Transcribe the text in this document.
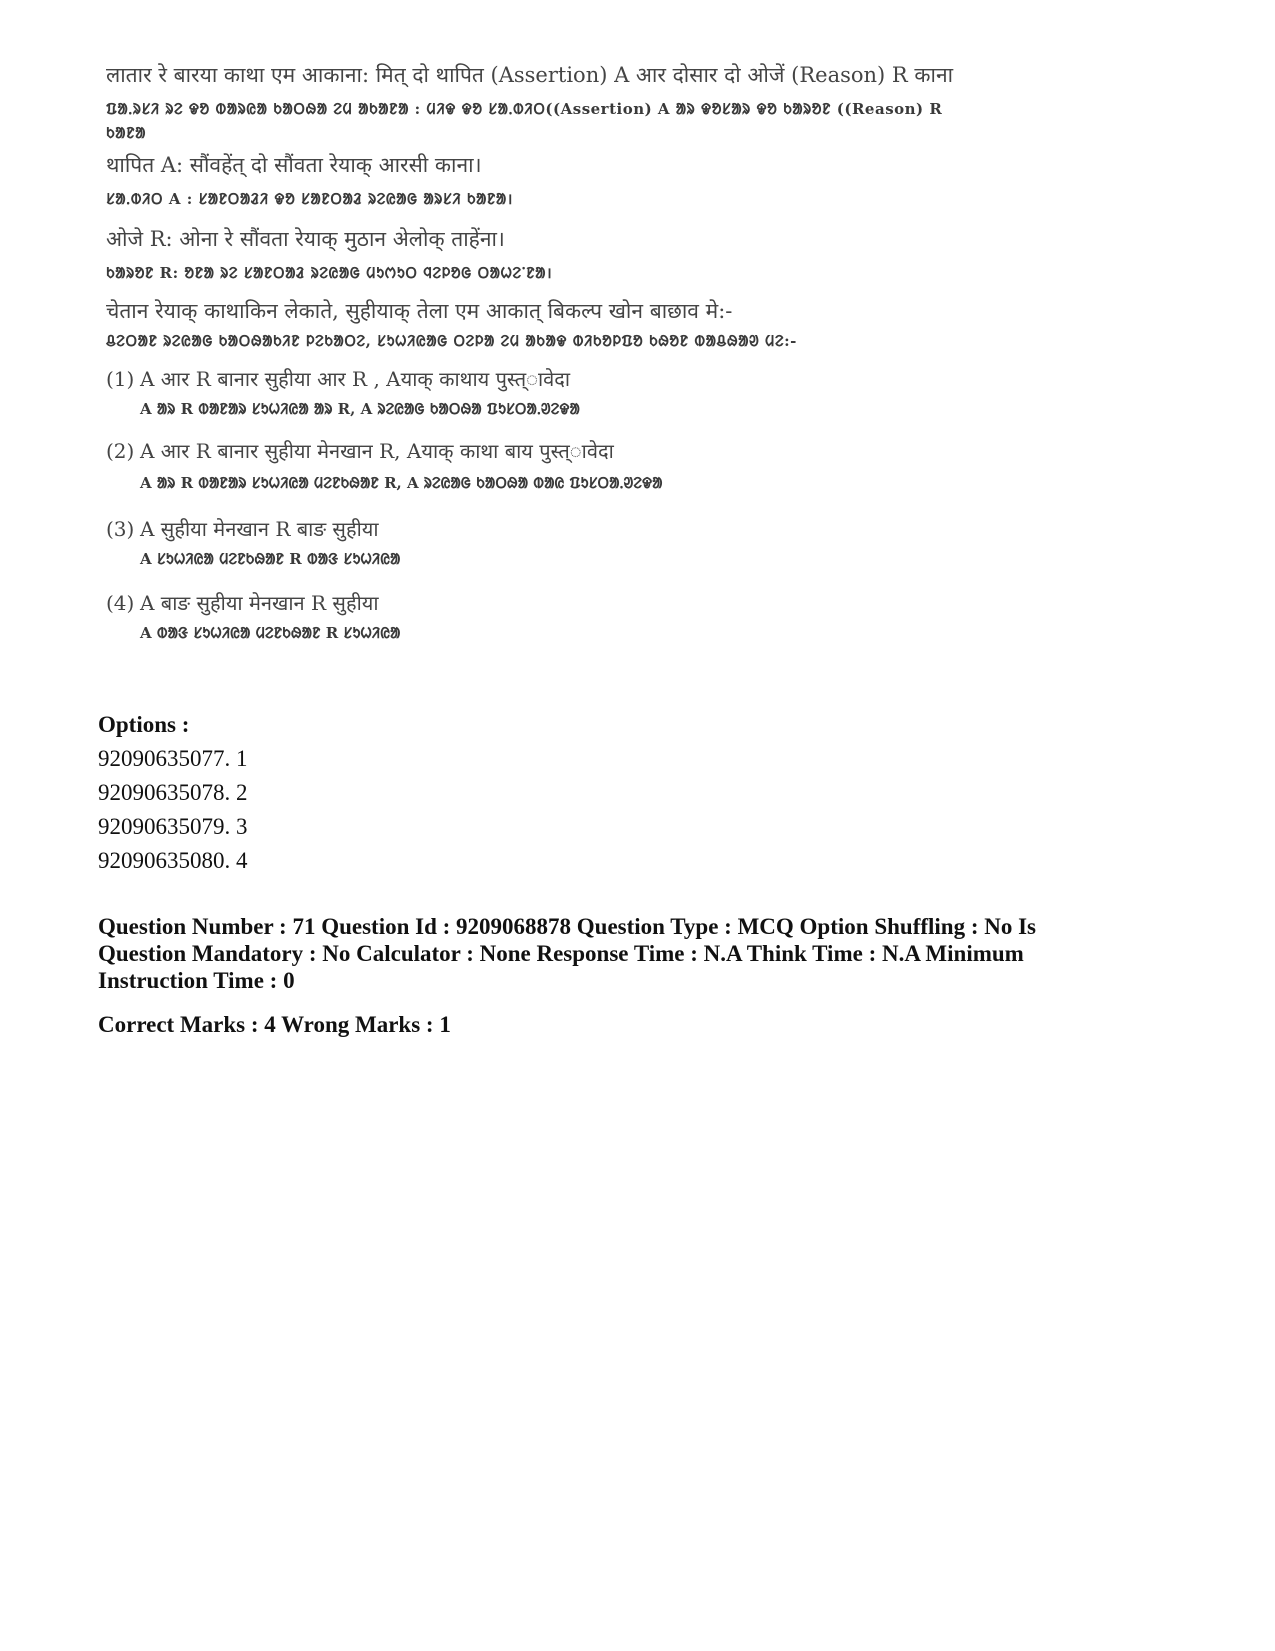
लातार रे बारया काथा एम आकाना: मित् दो थापित (Assertion) A आर दोसार दो ओजें (Reason) R काना
ᱯᱟᱹᱨᱥᱤ ᱨᱮ ᱫᱚ ᱵᱟᱨᱭᱟ ᱠᱟᱛᱷᱟ ᱮᱢ ᱟᱠᱟᱱᱟ : ᱢᱤᱫ ᱫᱚ ᱥᱟᱹᱵᱤᱛ((Assertion) A ᱟᱨ ᱫᱚᱥᱟᱨ ᱫᱚ ᱠᱟᱨᱚᱱ ((Reason) R
ᱠᱟᱱᱟ
थापित A: सौंवहेंत् दो सौंवता रेयाक् आरसी काना।
ᱥᱟᱹᱵᱤᱛ A : ᱥᱟᱱᱛᱟᱲᱤ ᱫᱚ ᱥᱟᱱᱛᱟᱲ ᱨᱮᱭᱟᱜ ᱟᱨᱥᱤ ᱠᱟᱱᱟ।
ओजे R: ओना रे सौंवता रेयाक् मुठान अेलोक् ताहेंना।
ᱠᱟᱨᱚᱱ R: ᱚᱱᱟ ᱨᱮ ᱥᱟᱱᱛᱟᱲ ᱨᱮᱭᱟᱜ ᱢᱩᱬᱩᱛ ᱧᱮᱞᱚᱜ ᱛᱟᱦᱮᱸᱱᱟ।
चेतान रेयाक् काथाकिन लेकाते, सुहीयाक् तेला एम आकात् बिकल्प खोन बाछाव मे:-
ᱪᱮᱛᱟᱱ ᱨᱮᱭᱟᱜ ᱠᱟᱛᱷᱟᱠᱤᱱ ᱞᱮᱠᱟᱛᱮ, ᱥᱩᱦᱤᱭᱟᱜ ᱛᱮᱞᱟ ᱮᱢ ᱟᱠᱟᱫ ᱵᱤᱠᱚᱞᱯᱚ ᱠᱷᱚᱱ ᱵᱟᱪᱷᱟᱣ ᱢᱮ:-
(1) A आर R बानार सुहीया आर R , Aयाक् काथाय पुस्त्ावेदा
A ᱟᱨ R ᱵᱟᱱᱟᱨ ᱥᱩᱦᱤᱭᱟ ᱟᱨ R, A ᱨᱮᱭᱟᱜ ᱠᱟᱛᱷᱟ ᱯᱩᱥᱛᱟᱹᱣᱮᱫᱟ
(2) A आर R बानार सुहीया मेनखान R, Aयाक् काथा बाय पुस्त्ावेदा
A ᱟᱨ R ᱵᱟᱱᱟᱨ ᱥᱩᱦᱤᱭᱟ ᱢᱮᱱᱠᱷᱟᱱ R, A ᱨᱮᱭᱟᱜ ᱠᱟᱛᱷᱟ ᱵᱟᱭ ᱯᱩᱥᱛᱟᱹᱣᱮᱫᱟ
(3) A सुहीया मेनखान R बाङ सुहीया
A ᱥᱩᱦᱤᱭᱟ ᱢᱮᱱᱠᱷᱟᱱ R ᱵᱟᱝ ᱥᱩᱦᱤᱭᱟ
(4) A बाङ सुहीया मेनखान R सुहीया
A ᱵᱟᱝ ᱥᱩᱦᱤᱭᱟ ᱢᱮᱱᱠᱷᱟᱱ R ᱥᱩᱦᱤᱭᱟ
Options :
92090635077. 1
92090635078. 2
92090635079. 3
92090635080. 4
Question Number : 71 Question Id : 9209068878 Question Type : MCQ Option Shuffling : No Is Question Mandatory : No Calculator : None Response Time : N.A Think Time : N.A Minimum Instruction Time : 0
Correct Marks : 4 Wrong Marks : 1
